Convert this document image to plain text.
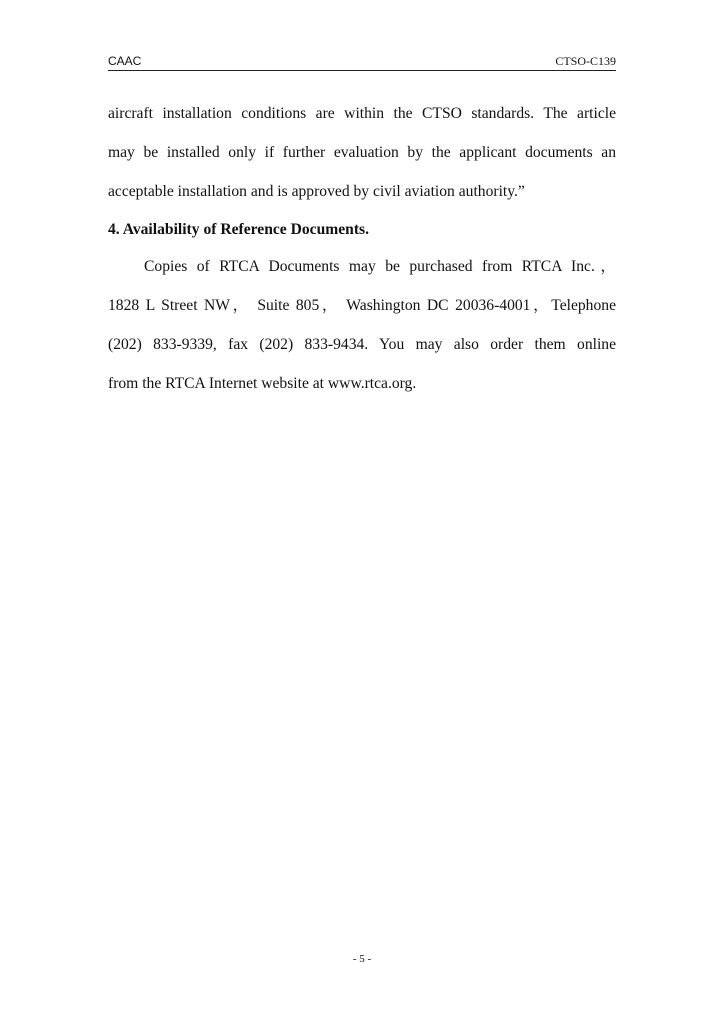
CAAC	CTSO-C139
aircraft installation conditions are within the CTSO standards. The article
may be installed only if further evaluation by the applicant documents an
acceptable installation and is approved by civil aviation authority.”
4. Availability of Reference Documents.
Copies of RTCA Documents may be purchased from RTCA Inc.，
1828 L Street NW， Suite 805， Washington DC 20036-4001，Telephone
(202) 833-9339, fax (202) 833-9434. You may also order them online
from the RTCA Internet website at www.rtca.org.
- 5 -
